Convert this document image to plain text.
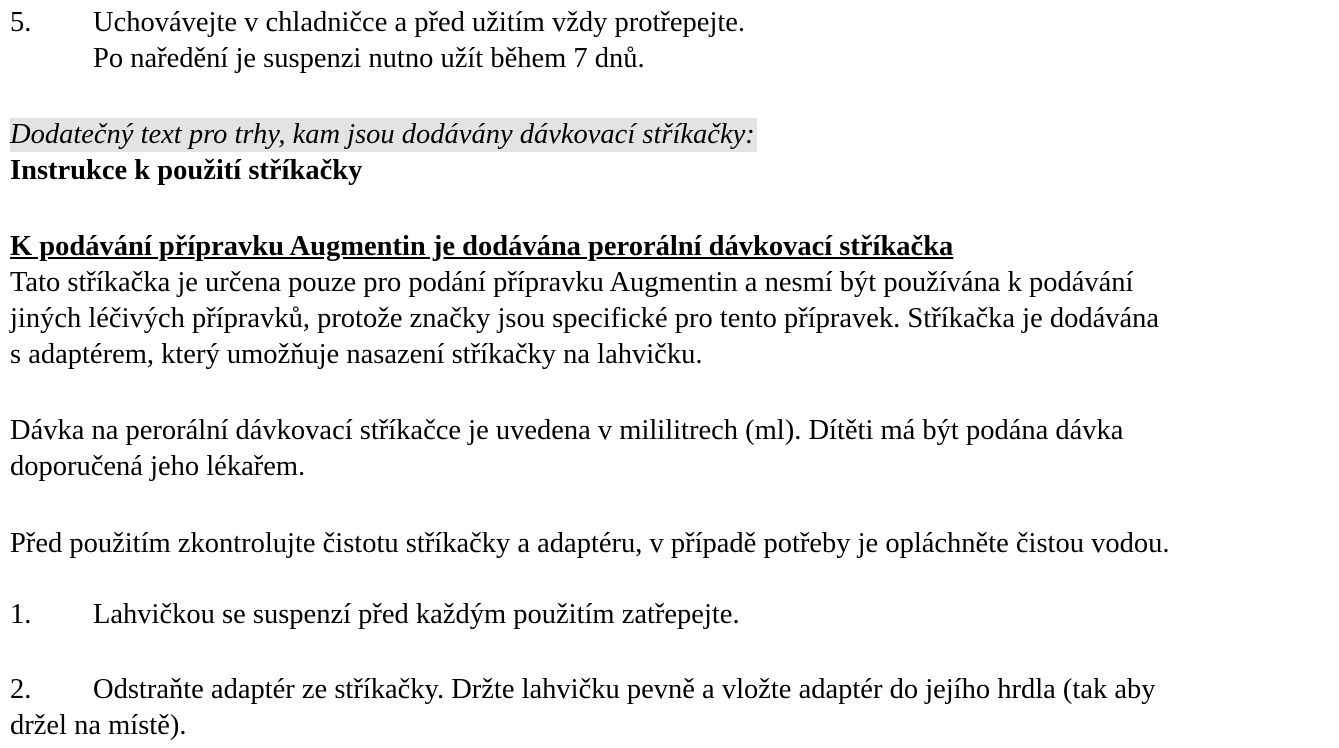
5. Uchovávejte v chladničce a před užitím vždy protřepejte.
Po naředění je suspenzi nutno užít během 7 dnů.
Dodatečný text pro trhy, kam jsou dodávány dávkovací stříkačky:
Instrukce k použití stříkačky
K podávání přípravku Augmentin je dodávána perorální dávkovací stříkačka
Tato stříkačka je určena pouze pro podání přípravku Augmentin a nesmí být používána k podávání
jiných léčivých přípravků, protože značky jsou specifické pro tento přípravek. Stříkačka je dodávána
s adaptérem, který umožňuje nasazení stříkačky na lahvičku.
Dávka na perorální dávkovací stříkačce je uvedena v mililitrech (ml). Dítěti má být podána dávka
doporučená jeho lékařem.
Před použitím zkontrolujte čistotu stříkačky a adaptéru, v případě potřeby je opláchněte čistou vodou.
1. Lahvičkou se suspenzí před každým použitím zatřepejte.
2. Odstraňte adaptér ze stříkačky. Držte lahvičku pevně a vložte adaptér do jejího hrdla (tak aby
držel na místě).
